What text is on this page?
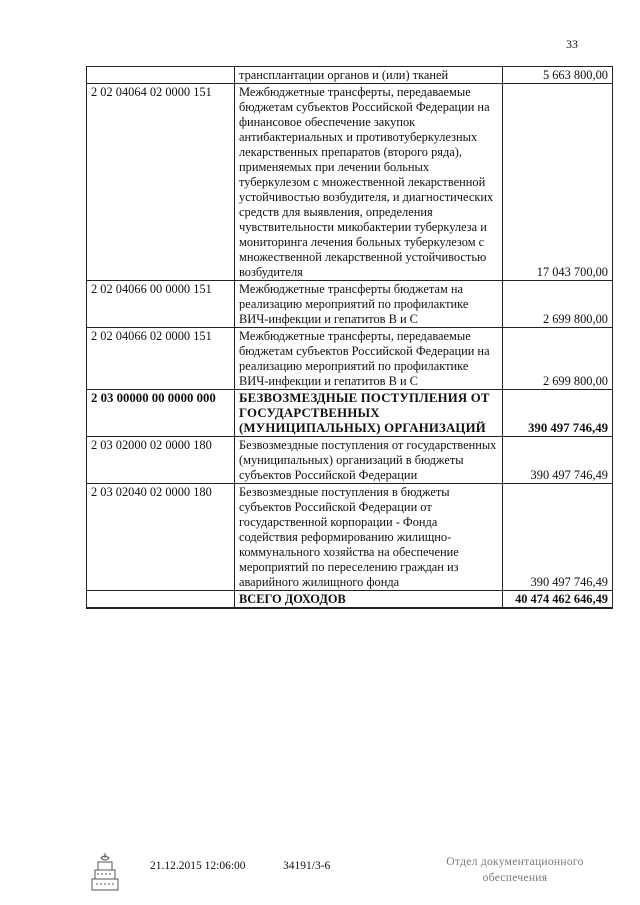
33
	трансплантации органов и (или) тканей	5 663 800,00
2 02 04064 02 0000 151	Межбюджетные трансферты, передаваемые бюджетам субъектов Российской Федерации на финансовое обеспечение закупок антибактериальных и противотуберкулезных лекарственных препаратов (второго ряда), применяемых при лечении больных туберкулезом с множественной лекарственной устойчивостью возбудителя, и диагностических средств для выявления, определения чувствительности микобактерии туберкулеза и мониторинга лечения больных туберкулезом с множественной лекарственной устойчивостью возбудителя	17 043 700,00
2 02 04066 00 0000 151	Межбюджетные трансферты бюджетам на реализацию мероприятий по профилактике ВИЧ-инфекции и гепатитов B и C	2 699 800,00
2 02 04066 02 0000 151	Межбюджетные трансферты, передаваемые бюджетам субъектов Российской Федерации на реализацию мероприятий по профилактике ВИЧ-инфекции и гепатитов B и C	2 699 800,00
2 03 00000 00 0000 000	БЕЗВОЗМЕЗДНЫЕ ПОСТУПЛЕНИЯ ОТ ГОСУДАРСТВЕННЫХ (МУНИЦИПАЛЬНЫХ) ОРГАНИЗАЦИЙ	390 497 746,49
2 03 02000 02 0000 180	Безвозмездные поступления от государственных (муниципальных) организаций в бюджеты субъектов Российской Федерации	390 497 746,49
2 03 02040 02 0000 180	Безвозмездные поступления в бюджеты субъектов Российской Федерации от государственной корпорации - Фонда содействия реформированию жилищно-коммунального хозяйства на обеспечение мероприятий по переселению граждан из аварийного жилищного фонда	390 497 746,49
	ВСЕГО ДОХОДОВ	40 474 462 646,49
21.12.2015 12:06:00	34191/3-6	Отдел документационного
обеспечения
